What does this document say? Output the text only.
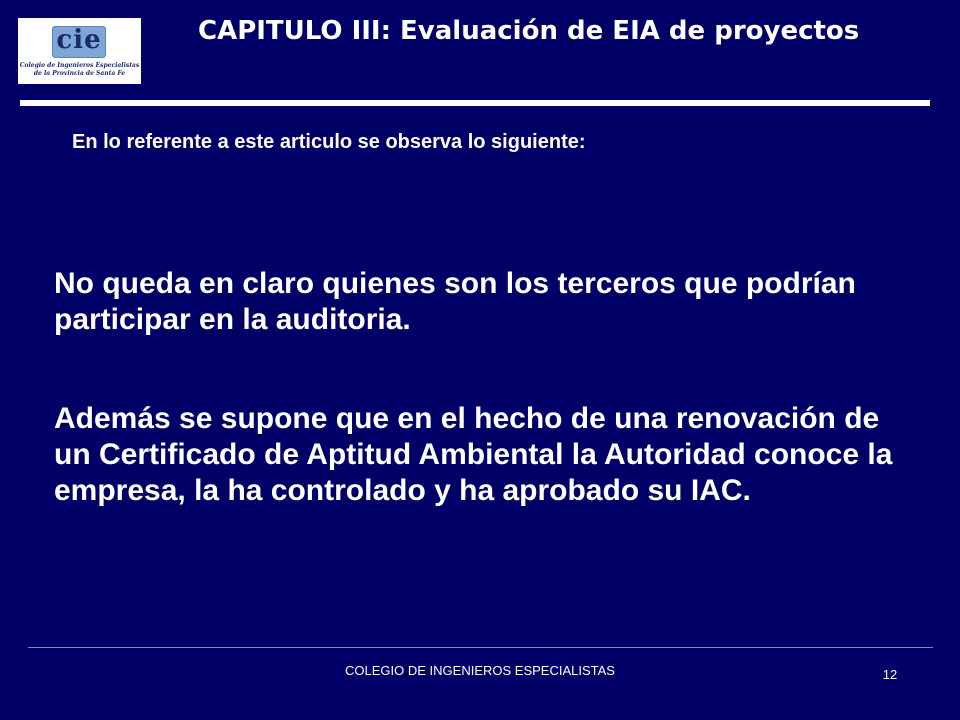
cie
Colegio de Ingenieros Especialistas
de la Provincia de Santa Fe
CAPITULO III: Evaluación de EIA de proyectos
En lo referente a este articulo se observa lo siguiente:
No queda en claro quienes son los terceros que podrían participar en la auditoria.
Además se supone que en el hecho de una renovación de un Certificado de Aptitud Ambiental la Autoridad conoce la empresa, la ha controlado y ha aprobado su IAC.
COLEGIO DE INGENIEROS ESPECIALISTAS	12
